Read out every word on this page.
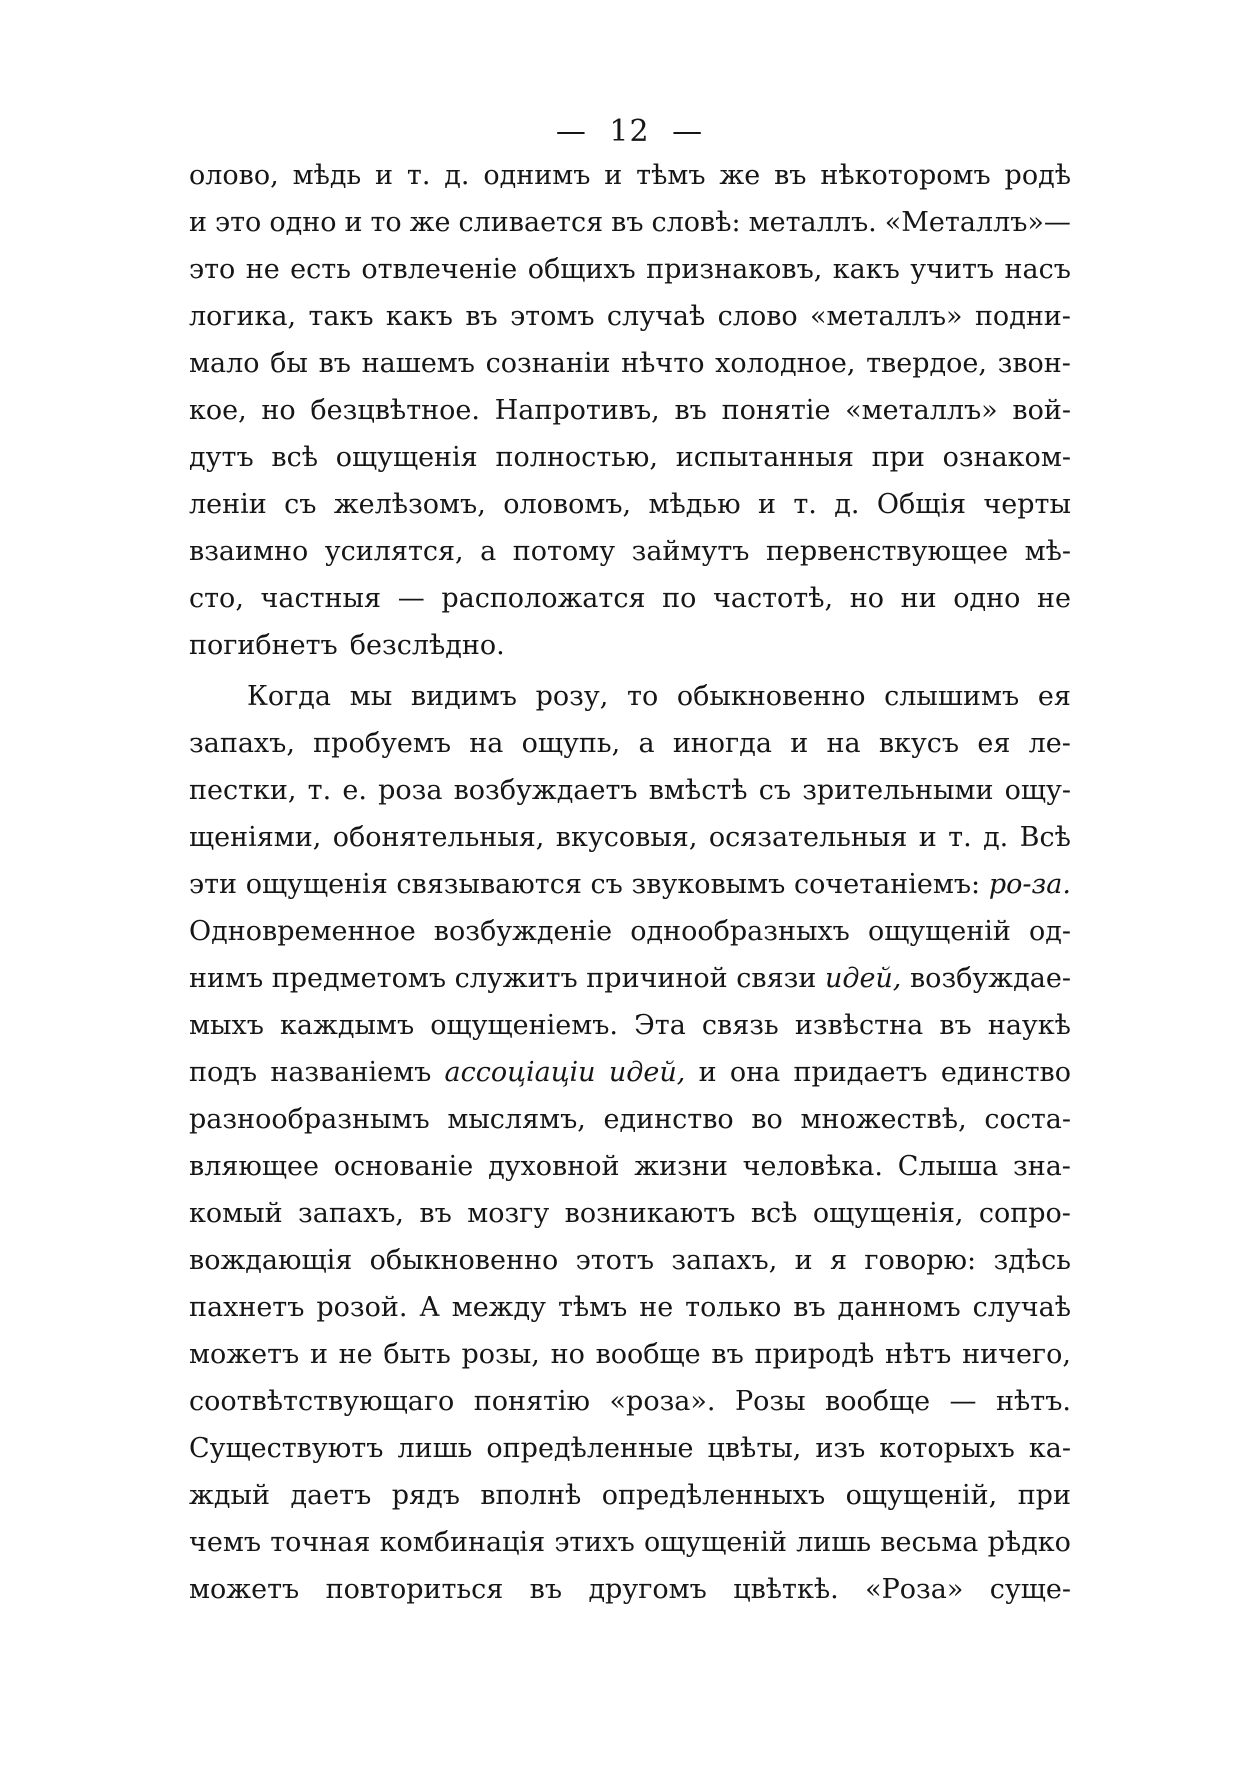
— 12 —
олово, мѣдь и т. д. однимъ и тѣмъ же въ нѣкоторомъ родѣ
и это одно и то же сливается въ словѣ: металлъ. «Металлъ»—
это не есть отвлеченіе общихъ признаковъ, какъ учитъ насъ
логика, такъ какъ въ этомъ случаѣ слово «металлъ» подни-
мало бы въ нашемъ сознаніи нѣчто холодное, твердое, звон-
кое, но безцвѣтное. Напротивъ, въ понятіе «металлъ» вой-
дутъ всѣ ощущенія полностью, испытанныя при ознаком-
леніи съ желѣзомъ, оловомъ, мѣдью и т. д. Общія черты
взаимно усилятся, а потому займутъ первенствующее мѣ-
сто, частныя — расположатся по частотѣ, но ни одно не
погибнетъ безслѣдно.
Когда мы видимъ розу, то обыкновенно слышимъ ея
запахъ, пробуемъ на ощупь, а иногда и на вкусъ ея ле-
пестки, т. е. роза возбуждаетъ вмѣстѣ съ зрительными ощу-
щеніями, обонятельныя, вкусовыя, осязательныя и т. д. Всѣ
эти ощущенія связываются съ звуковымъ сочетаніемъ: ро-за.
Одновременное возбужденіе однообразныхъ ощущеній од-
нимъ предметомъ служитъ причиной связи идей, возбуждае-
мыхъ каждымъ ощущеніемъ. Эта связь извѣстна въ наукѣ
подъ названіемъ ассоціаціи идей, и она придаетъ единство
разнообразнымъ мыслямъ, единство во множествѣ, соста-
вляющее основаніе духовной жизни человѣка. Слыша зна-
комый запахъ, въ мозгу возникаютъ всѣ ощущенія, сопро-
вождающія обыкновенно этотъ запахъ, и я говорю: здѣсь
пахнетъ розой. А между тѣмъ не только въ данномъ случаѣ
можетъ и не быть розы, но вообще въ природѣ нѣтъ ничего,
соотвѣтствующаго понятію «роза». Розы вообще — нѣтъ.
Существуютъ лишь опредѣленные цвѣты, изъ которыхъ ка-
ждый даетъ рядъ вполнѣ опредѣленныхъ ощущеній, при
чемъ точная комбинація этихъ ощущеній лишь весьма рѣдко
можетъ повториться въ другомъ цвѣткѣ. «Роза» суще-
